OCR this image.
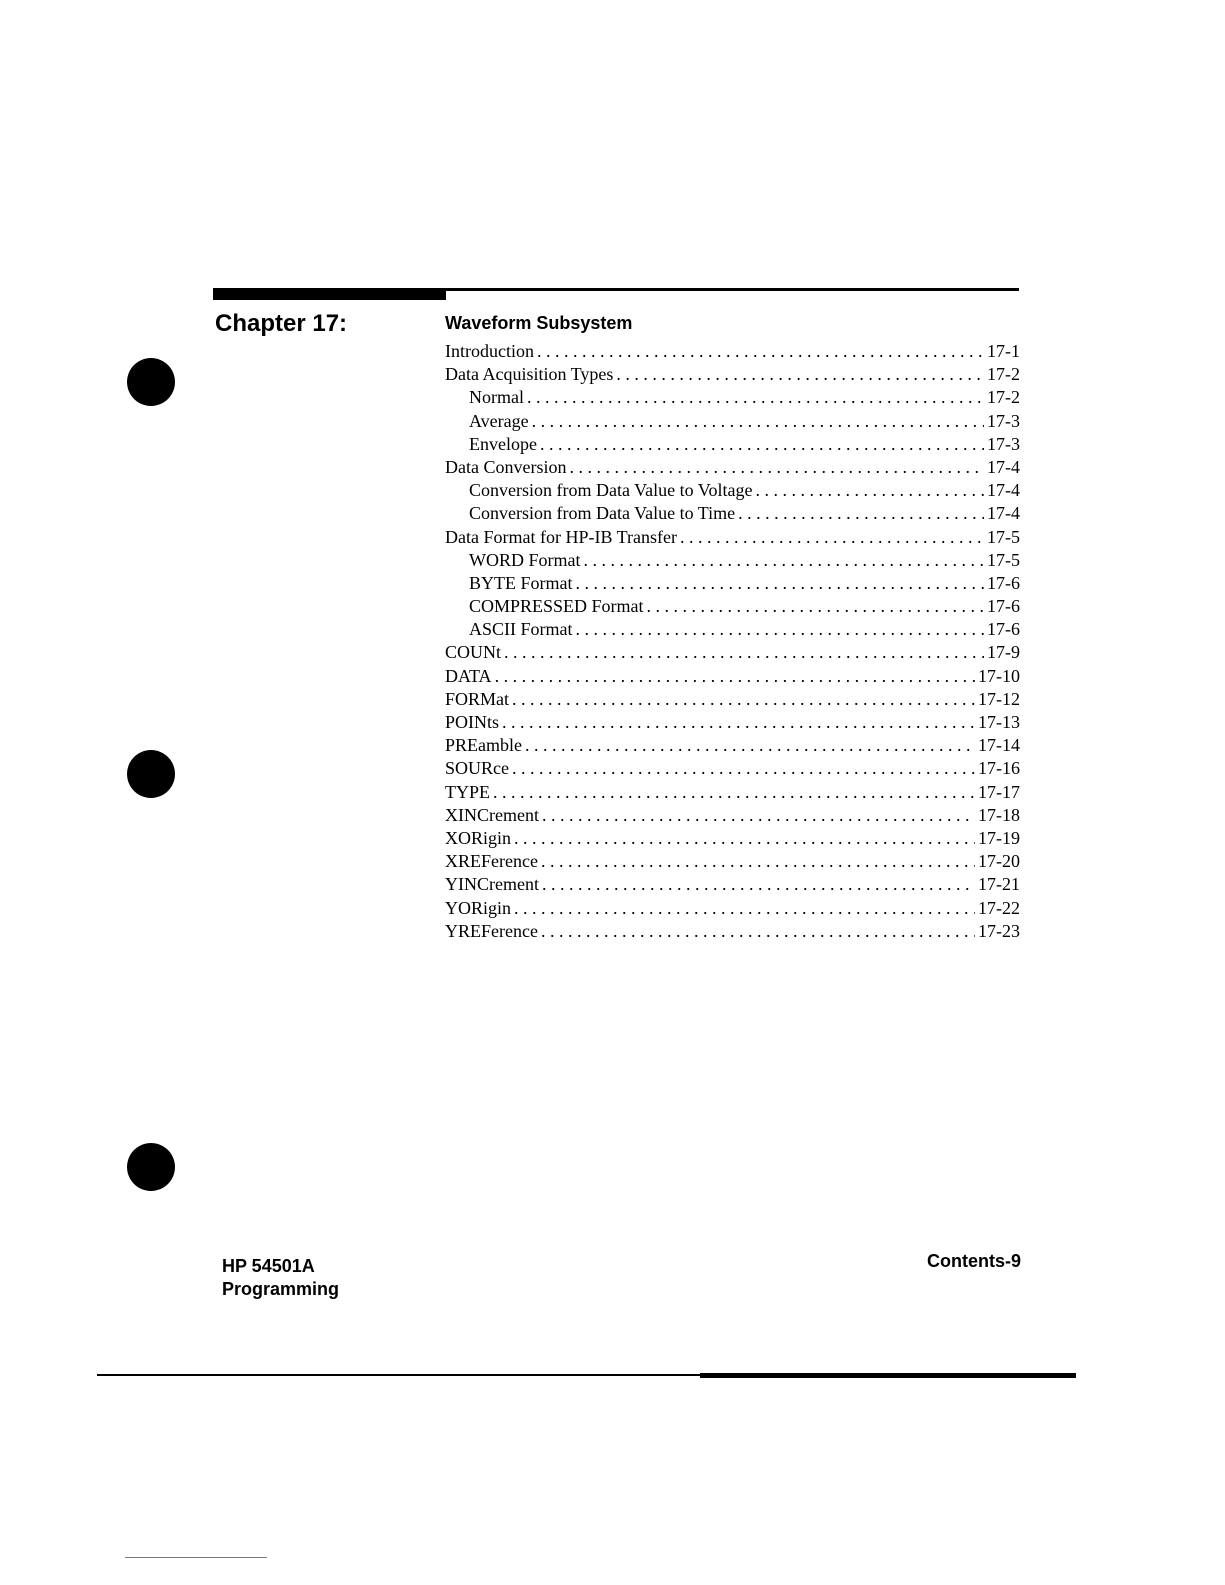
Chapter 17:	Waveform Subsystem
Introduction . . .	17-1
Data Acquisition Types . . .	17-2
Normal . . .	17-2
Average . . .	17-3
Envelope . . .	17-3
Data Conversion . . .	17-4
Conversion from Data Value to Voltage . . .	17-4
Conversion from Data Value to Time . . .	17-4
Data Format for HP-IB Transfer . . .	17-5
WORD Format . . .	17-5
BYTE Format . . .	17-6
COMPRESSED Format . . .	17-6
ASCII Format . . .	17-6
COUNt . . .	17-9
DATA . . .	17-10
FORMat . . .	17-12
POINts . . .	17-13
PREamble . . .	17-14
SOURce . . .	17-16
TYPE . . .	17-17
XINCrement . . .	17-18
XORigin . . .	17-19
XREFerence . . .	17-20
YINCrement . . .	17-21
YORigin . . .	17-22
YREFerence . . .	17-23
HP 54501A
Programming
Contents-9
